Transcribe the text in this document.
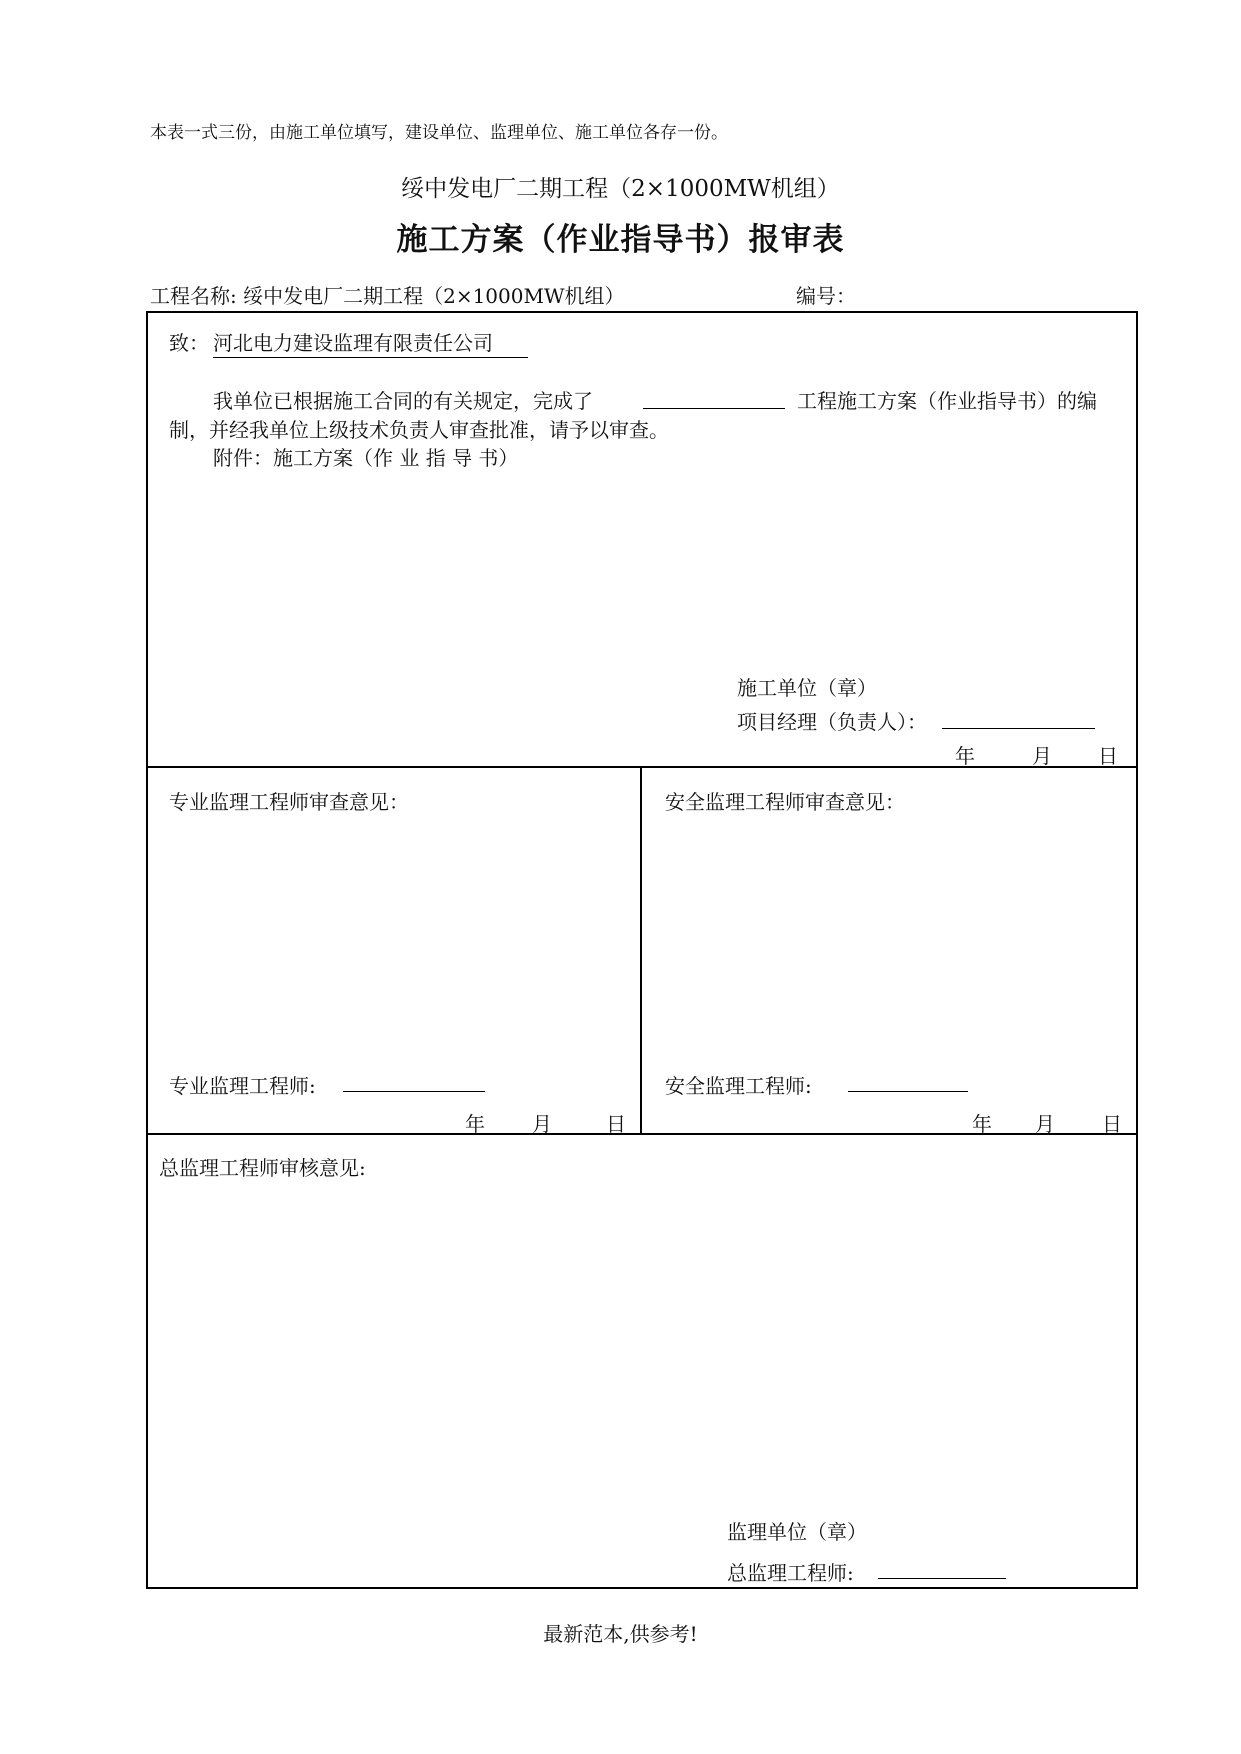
本表一式三份，由施工单位填写，建设单位、监理单位、施工单位各存一份。
绥中发电厂二期工程（2×1000MW机组）
施工方案（作业指导书）报审表
工程名称: 绥中发电厂二期工程（2×1000MW机组）	编号：
致： 河北电力建设监理有限责任公司
我单位已根据施工合同的有关规定，完成了	工程施工方案（作业指导书）的编
制，并经我单位上级技术负责人审查批准，请予以审查。
附件：施工方案（作 业 指 导 书）
施工单位（章）
项目经理（负责人）：
年	月 日
专业监理工程师审查意见：
专业监理工程师:
年 月	日
安全监理工程师审查意见：
安全监理工程师:
年 月 日
总监理工程师审核意见:
监理单位（章）
总监理工程师:
最新范本,供参考!
